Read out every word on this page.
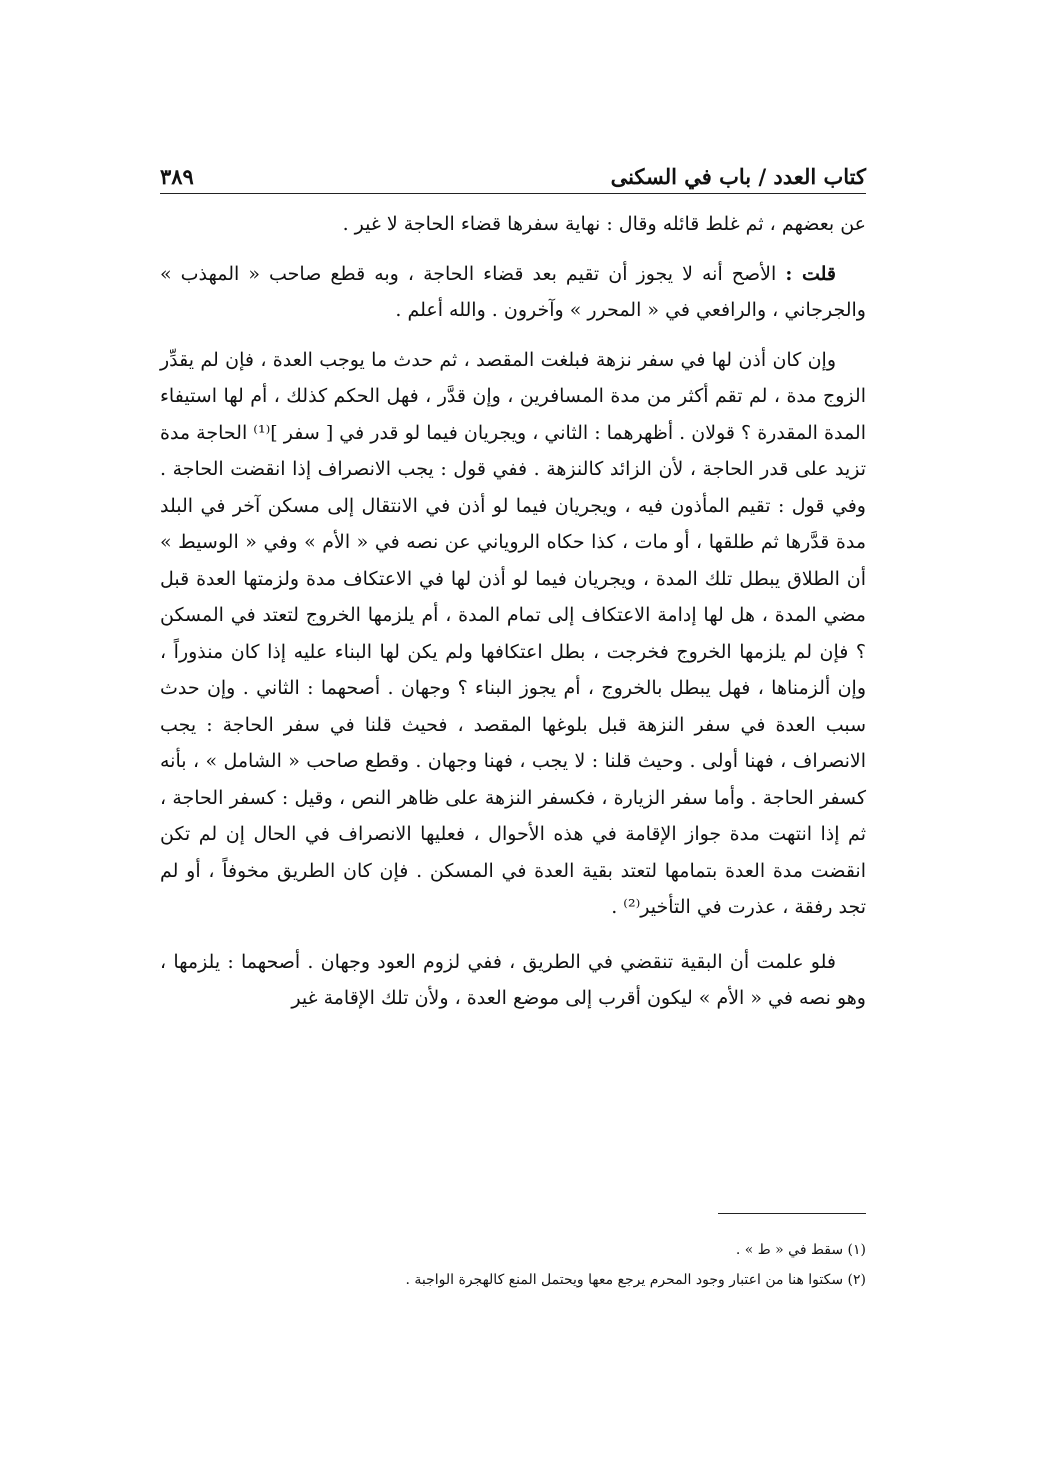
٣٨٩	كتاب العدد / باب في السكنى

عن بعضهم ، ثم غلط قائله وقال : نهاية سفرها قضاء الحاجة لا غير .

قلت : الأصح أنه لا يجوز أن تقيم بعد قضاء الحاجة ، وبه قطع صاحب « المهذب » والجرجاني ، والرافعي في « المحرر » وآخرون . والله أعلم .

وإن كان أذن لها في سفر نزهة فبلغت المقصد ، ثم حدث ما يوجب العدة ، فإن لم يقدِّر الزوج مدة ، لم تقم أكثر من مدة المسافرين ، وإن قدَّر ، فهل الحكم كذلك ، أم لها استيفاء المدة المقدرة ؟ قولان . أظهرهما : الثاني ، ويجريان فيما لو قدر في [ سفر ]⁽¹⁾ الحاجة مدة تزيد على قدر الحاجة ، لأن الزائد كالنزهة . ففي قول : يجب الانصراف إذا انقضت الحاجة . وفي قول : تقيم المأذون فيه ، ويجريان فيما لو أذن في الانتقال إلى مسكن آخر في البلد مدة قدَّرها ثم طلقها ، أو مات ، كذا حكاه الروياني عن نصه في « الأم » وفي « الوسيط » أن الطلاق يبطل تلك المدة ، ويجريان فيما لو أذن لها في الاعتكاف مدة ولزمتها العدة قبل مضي المدة ، هل لها إدامة الاعتكاف إلى تمام المدة ، أم يلزمها الخروج لتعتد في المسكن ؟ فإن لم يلزمها الخروج فخرجت ، بطل اعتكافها ولم يكن لها البناء عليه إذا كان منذوراً ، وإن ألزمناها ، فهل يبطل بالخروج ، أم يجوز البناء ؟ وجهان . أصحهما : الثاني . وإن حدث سبب العدة في سفر النزهة قبل بلوغها المقصد ، فحيث قلنا في سفر الحاجة : يجب الانصراف ، فهنا أولى . وحيث قلنا : لا يجب ، فهنا وجهان . وقطع صاحب « الشامل » ، بأنه كسفر الحاجة . وأما سفر الزيارة ، فكسفر النزهة على ظاهر النص ، وقيل : كسفر الحاجة ، ثم إذا انتهت مدة جواز الإقامة في هذه الأحوال ، فعليها الانصراف في الحال إن لم تكن انقضت مدة العدة بتمامها لتعتد بقية العدة في المسكن . فإن كان الطريق مخوفاً ، أو لم تجد رفقة ، عذرت في التأخير⁽²⁾ .

فلو علمت أن البقية تنقضي في الطريق ، ففي لزوم العود وجهان . أصحهما : يلزمها ، وهو نصه في « الأم » ليكون أقرب إلى موضع العدة ، ولأن تلك الإقامة غير

(١) سقط في « ط » .

(٢) سكتوا هنا من اعتبار وجود المحرم يرجع معها ويحتمل المنع كالهجرة الواجبة .
